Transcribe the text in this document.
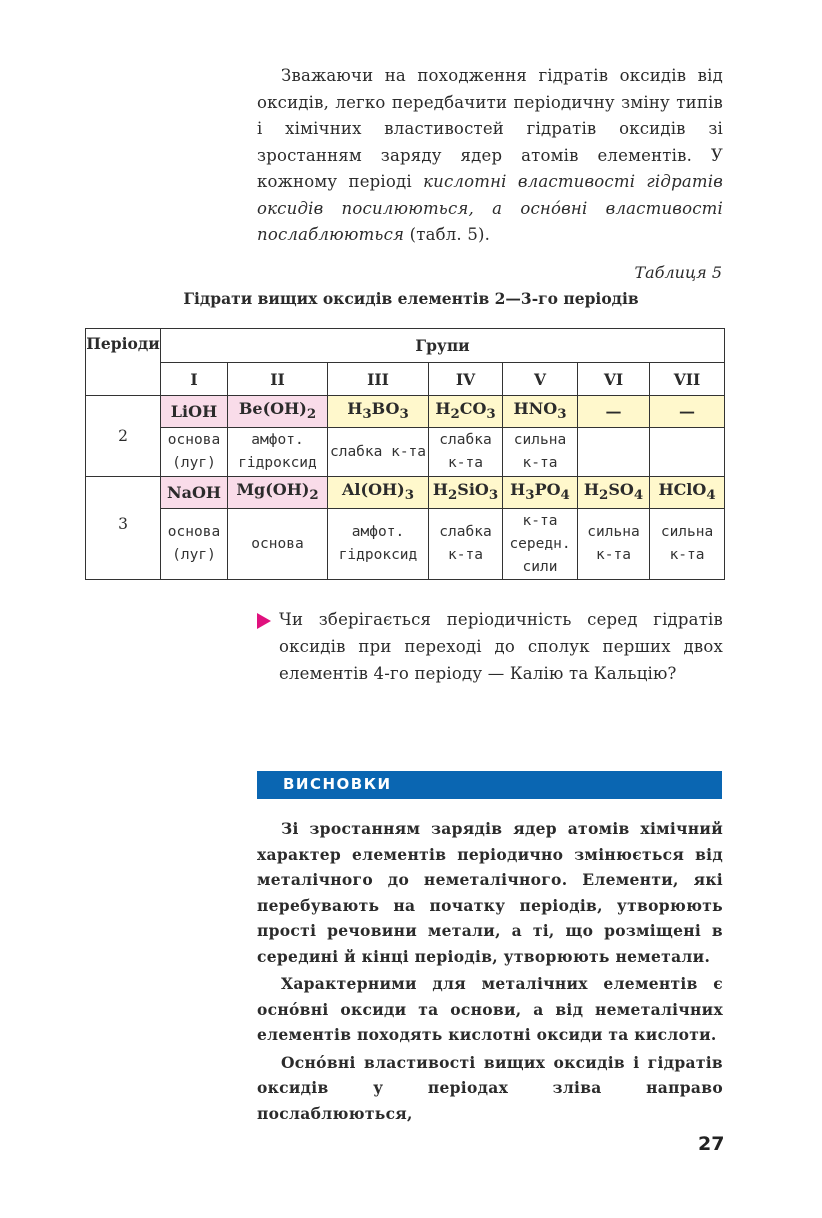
Зважаючи на походження гідратів оксидів від оксидів, легко передбачити періодичну зміну типів і хімічних властивостей гідратів оксидів зі зростанням заряду ядер атомів елементів. У кожному періоді кислотні властивості гідратів оксидів посилюються, а осно́вні властивості послаблюються (табл. 5).
Таблиця 5
Гідрати вищих оксидів елементів 2—3-го періодів
Періоди	Групи						
	I	II	III	IV	V	VI	VII
2	LiOH	$Be(OH)_2$	$H_3BO_3$	$H_2CO_3$	$HNO_3$	—	—
	основа (луг)	амфот. гідроксид	слабка к-та	слабка к-та	сильна к-та		
3	NaOH	$Mg(OH)_2$	$Al(OH)_3$	$H_2SiO_3$	$H_3PO_4$	$H_2SO_4$	HClO$_4$
	основа (луг)	основа	амфот. гідроксид	слабка к-та	к-та середн. сили	сильна к-та	сильна к-та
Чи зберігається періодичність серед гідратів оксидів при переході до сполук перших двох елементів 4-го періоду — Калію та Кальцію?
ВИСНОВКИ

Зі зростанням зарядів ядер атомів хімічний характер елементів періодично змінюється від металічного до неметалічного. Елементи, які перебувають на початку періодів, утворюють прості речовини метали, а ті, що розміщені в середині й кінці періодів, утворюють неметали.

Характерними для металічних елементів є осно́вні оксиди та основи, а від неметалічних елементів походять кислотні оксиди та кислоти.

Осно́вні властивості вищих оксидів і гідратів оксидів у періодах зліва направо послаблюються,

27
